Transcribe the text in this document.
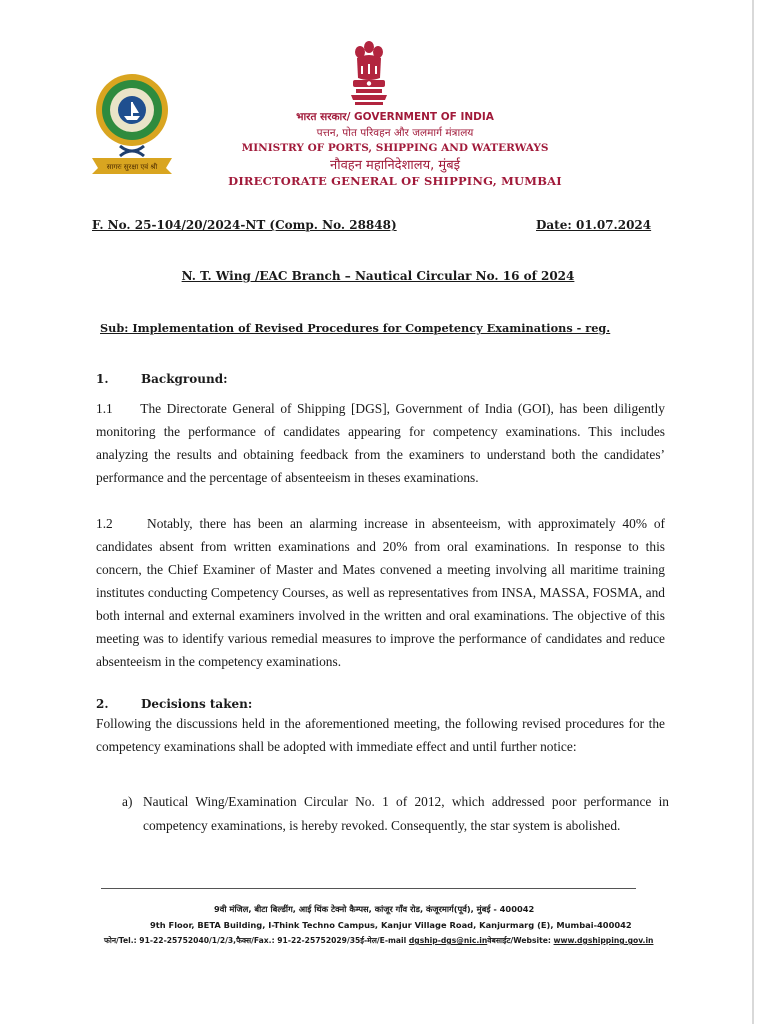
सागरः सुरक्षा एवं श्री
भारत सरकार/ GOVERNMENT OF INDIA
पत्तन, पोत परिवहन और जलमार्ग मंत्रालय
MINISTRY OF PORTS, SHIPPING AND WATERWAYS
नौवहन महानिदेशालय, मुंबई
DIRECTORATE GENERAL OF SHIPPING, MUMBAI
F. No. 25-104/20/2024-NT (Comp. No. 28848)	Date: 01.07.2024
N. T. Wing /EAC Branch – Nautical Circular No. 16 of 2024
Sub: Implementation of Revised Procedures for Competency Examinations - reg.
1.	Background:
1.1     The Directorate General of Shipping [DGS], Government of India (GOI), has been diligently monitoring the performance of candidates appearing for competency examinations. This includes analyzing the results and obtaining feedback from the examiners to understand both the candidates’ performance and the percentage of absenteeism in theses examinations.
1.2     Notably, there has been an alarming increase in absenteeism, with approximately 40% of candidates absent from written examinations and 20% from oral examinations. In response to this concern, the Chief Examiner of Master and Mates convened a meeting involving all maritime training institutes conducting Competency Courses, as well as representatives from INSA, MASSA, FOSMA, and both internal and external examiners involved in the written and oral examinations. The objective of this meeting was to identify various remedial measures to improve the performance of candidates and reduce absenteeism in the competency examinations.
2.	Decisions taken:
Following the discussions held in the aforementioned meeting, the following revised procedures for the competency examinations shall be adopted with immediate effect and until further notice:
a) Nautical Wing/Examination Circular No. 1 of 2012, which addressed poor performance in competency examinations, is hereby revoked. Consequently, the star system is abolished.
9वी मंजिल, बीटा बिल्डींग, आई थिंक टेक्नो कैम्पस, कांजूर गाँव रोड, कंजूरमार्ग(पूर्व), मुंबई - 400042
9th Floor, BETA Building, I-Think Techno Campus, Kanjur Village Road, Kanjurmarg (E), Mumbai-400042
फोन/Tel.: 91-22-25752040/1/2/3,फैक्स/Fax.: 91-22-25752029/35ई-मेल/E-mail dgship-dgs@nic.inवेबसाईट/Website: www.dgshipping.gov.in
